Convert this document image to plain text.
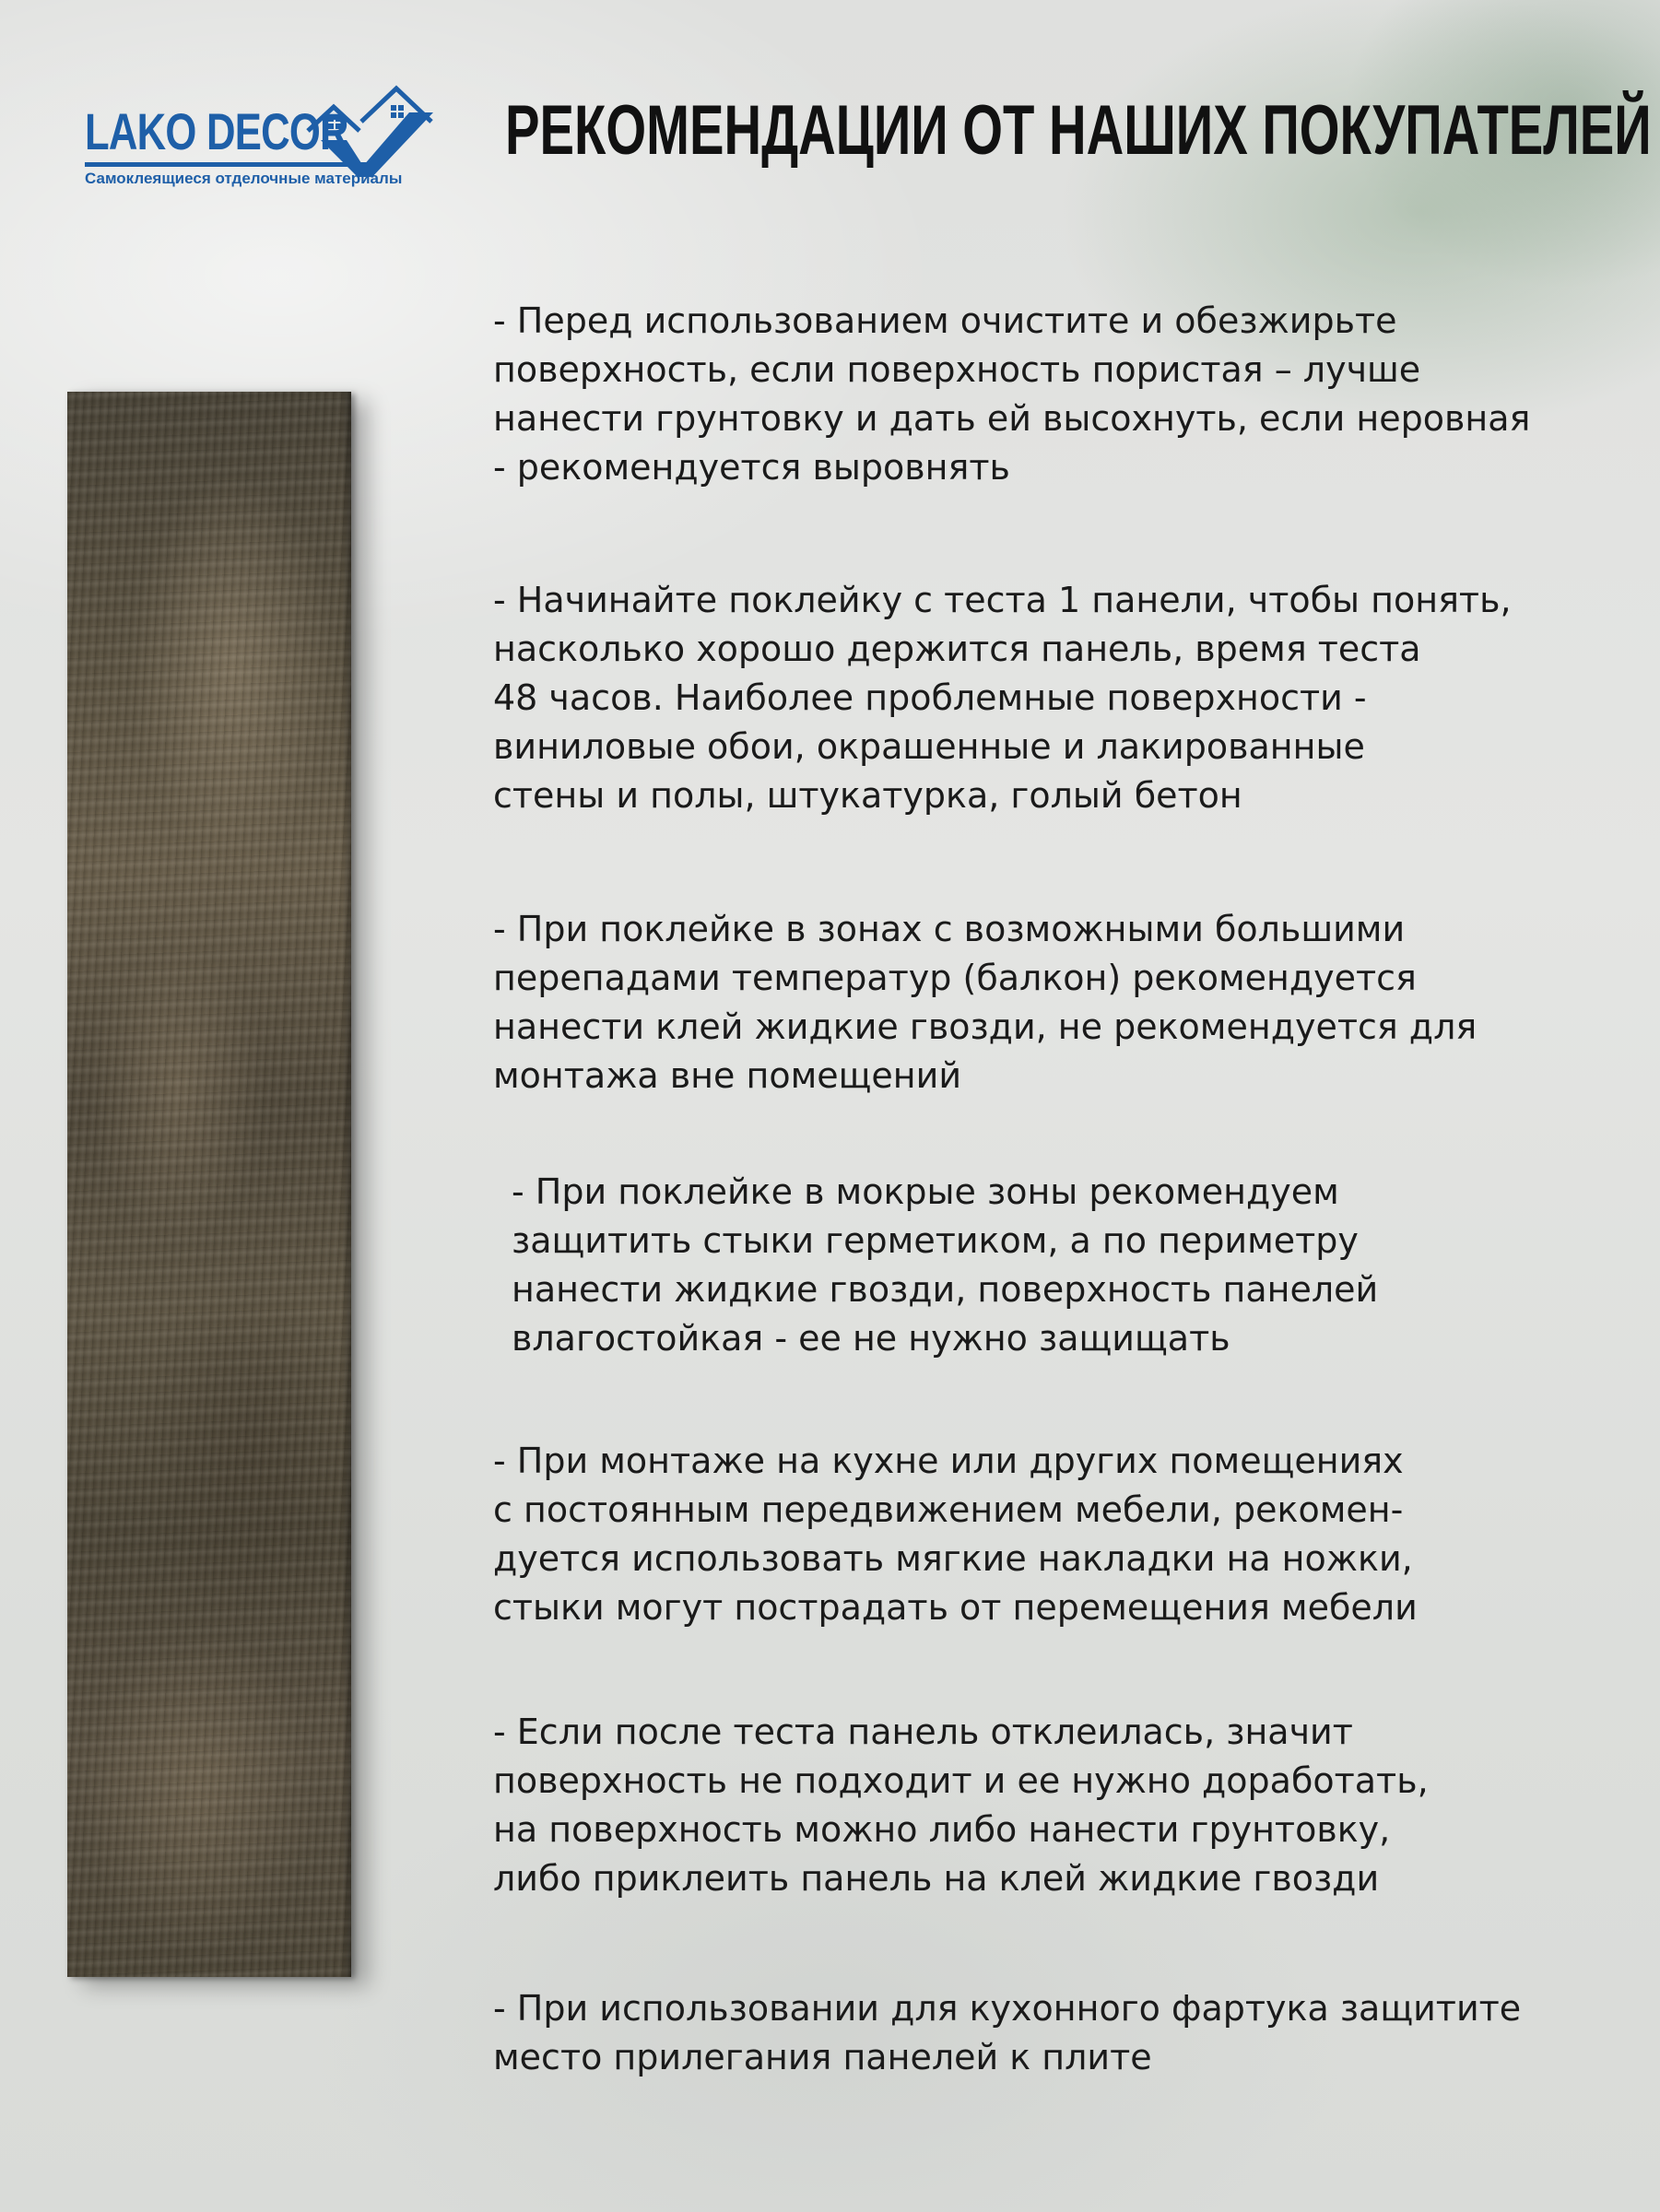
LAKO DECOR
Самоклеящиеся отделочные материалы
РЕКОМЕНДАЦИИ ОТ НАШИХ ПОКУПАТЕЛЕЙ
- Перед использованием очистите и обезжирьте
поверхность, если поверхность пористая – лучше
нанести грунтовку и дать ей высохнуть, если неровная
- рекомендуется выровнять
- Начинайте поклейку с теста 1 панели, чтобы понять,
насколько хорошо держится панель, время теста
48 часов. Наиболее проблемные поверхности -
виниловые обои, окрашенные и лакированные
стены и полы, штукатурка, голый бетон
- При поклейке в зонах с возможными большими
перепадами температур (балкон) рекомендуется
нанести клей жидкие гвозди, не рекомендуется для
монтажа вне помещений
- При поклейке в мокрые зоны рекомендуем
защитить стыки герметиком, а по периметру
нанести жидкие гвозди, поверхность панелей
влагостойкая - ее не нужно защищать
- При монтаже на кухне или других помещениях
с постоянным передвижением мебели, рекомен-
дуется использовать мягкие накладки на ножки,
стыки могут пострадать от перемещения мебели
- Если после теста панель отклеилась, значит
поверхность не подходит и ее нужно доработать,
на поверхность можно либо нанести грунтовку,
либо приклеить панель на клей жидкие гвозди
- При использовании для кухонного фартука защитите
место прилегания панелей к плите
